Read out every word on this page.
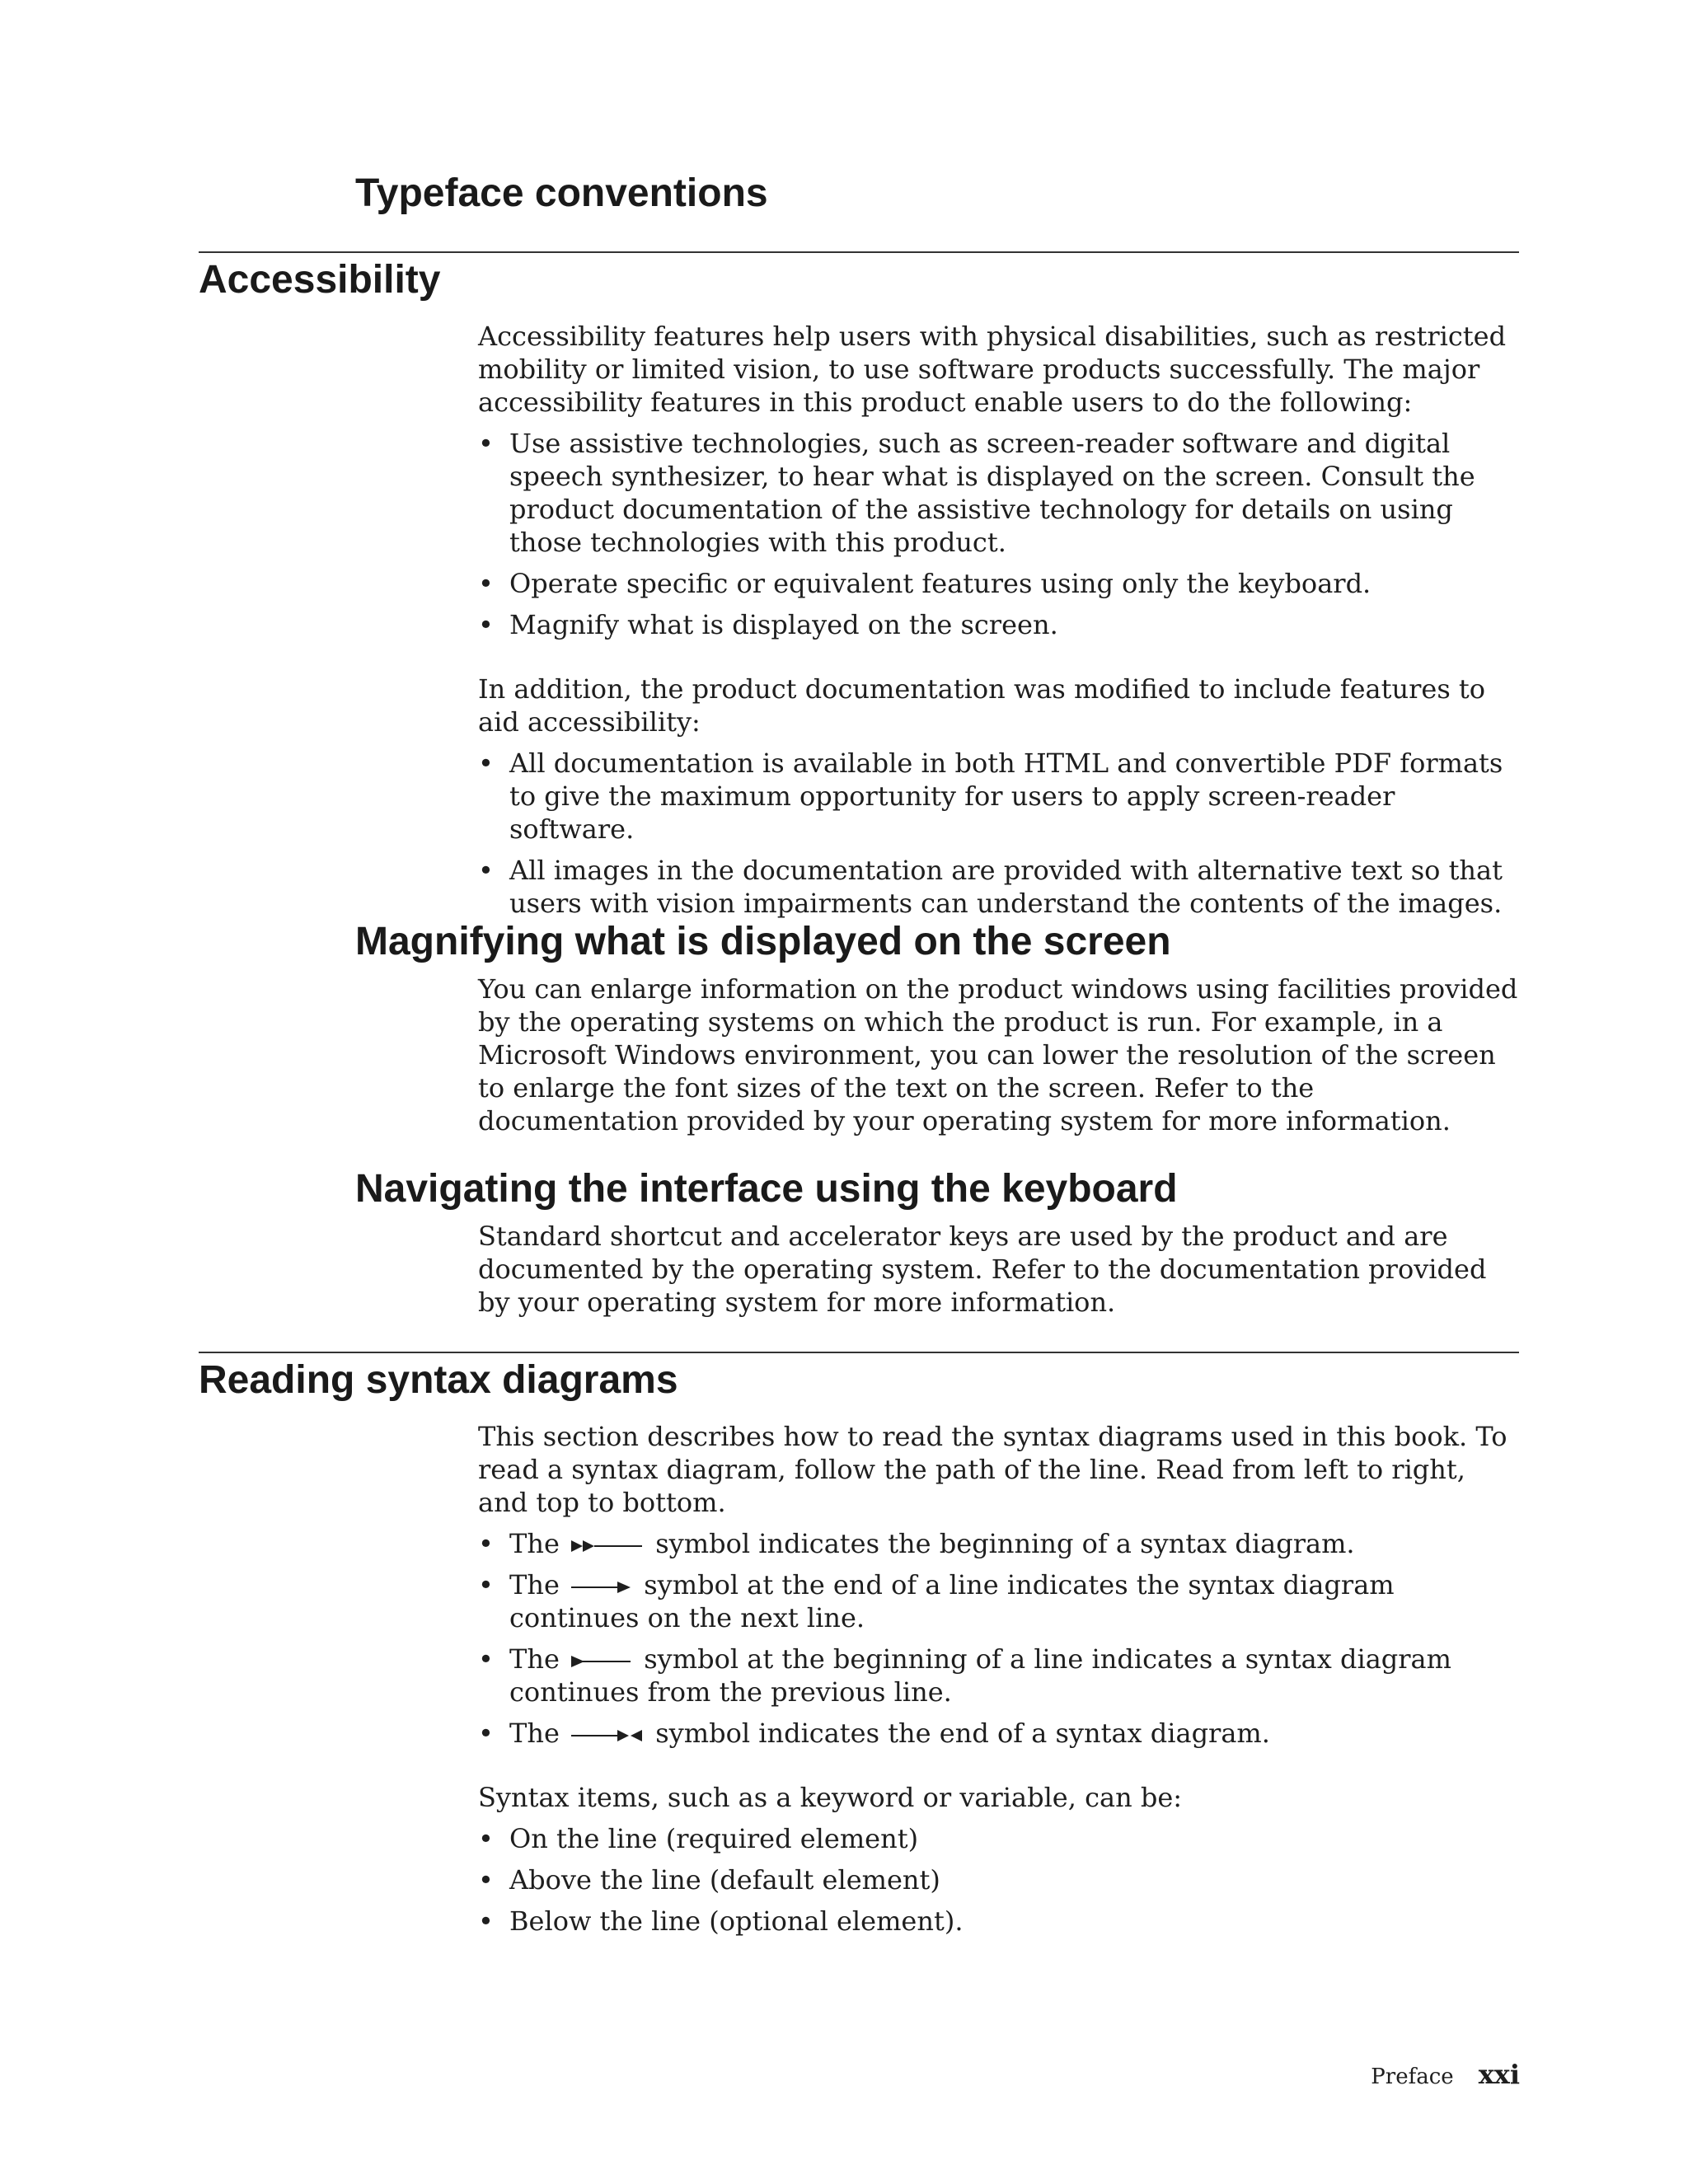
Typeface conventions
Accessibility

Accessibility features help users with physical disabilities, such as restricted mobility or limited vision, to use software products successfully. The major accessibility features in this product enable users to do the following:

• Use assistive technologies, such as screen-reader software and digital speech synthesizer, to hear what is displayed on the screen. Consult the product documentation of the assistive technology for details on using those technologies with this product.
• Operate specific or equivalent features using only the keyboard.
• Magnify what is displayed on the screen.

In addition, the product documentation was modified to include features to aid accessibility:

• All documentation is available in both HTML and convertible PDF formats to give the maximum opportunity for users to apply screen-reader software.
• All images in the documentation are provided with alternative text so that users with vision impairments can understand the contents of the images.
Magnifying what is displayed on the screen

You can enlarge information on the product windows using facilities provided by the operating systems on which the product is run. For example, in a Microsoft Windows environment, you can lower the resolution of the screen to enlarge the font sizes of the text on the screen. Refer to the documentation provided by your operating system for more information.

Navigating the interface using the keyboard

Standard shortcut and accelerator keys are used by the product and are documented by the operating system. Refer to the documentation provided by your operating system for more information.

Reading syntax diagrams

This section describes how to read the syntax diagrams used in this book. To read a syntax diagram, follow the path of the line. Read from left to right, and top to bottom.

• The	symbol indicates the beginning of a syntax diagram.
• The	symbol at the end of a line indicates the syntax diagram continues on the next line.
• The	symbol at the beginning of a line indicates a syntax diagram continues from the previous line.
• The	symbol indicates the end of a syntax diagram.

Syntax items, such as a keyword or variable, can be:

• On the line (required element)
• Above the line (default element)
• Below the line (optional element).
Preface xxi
